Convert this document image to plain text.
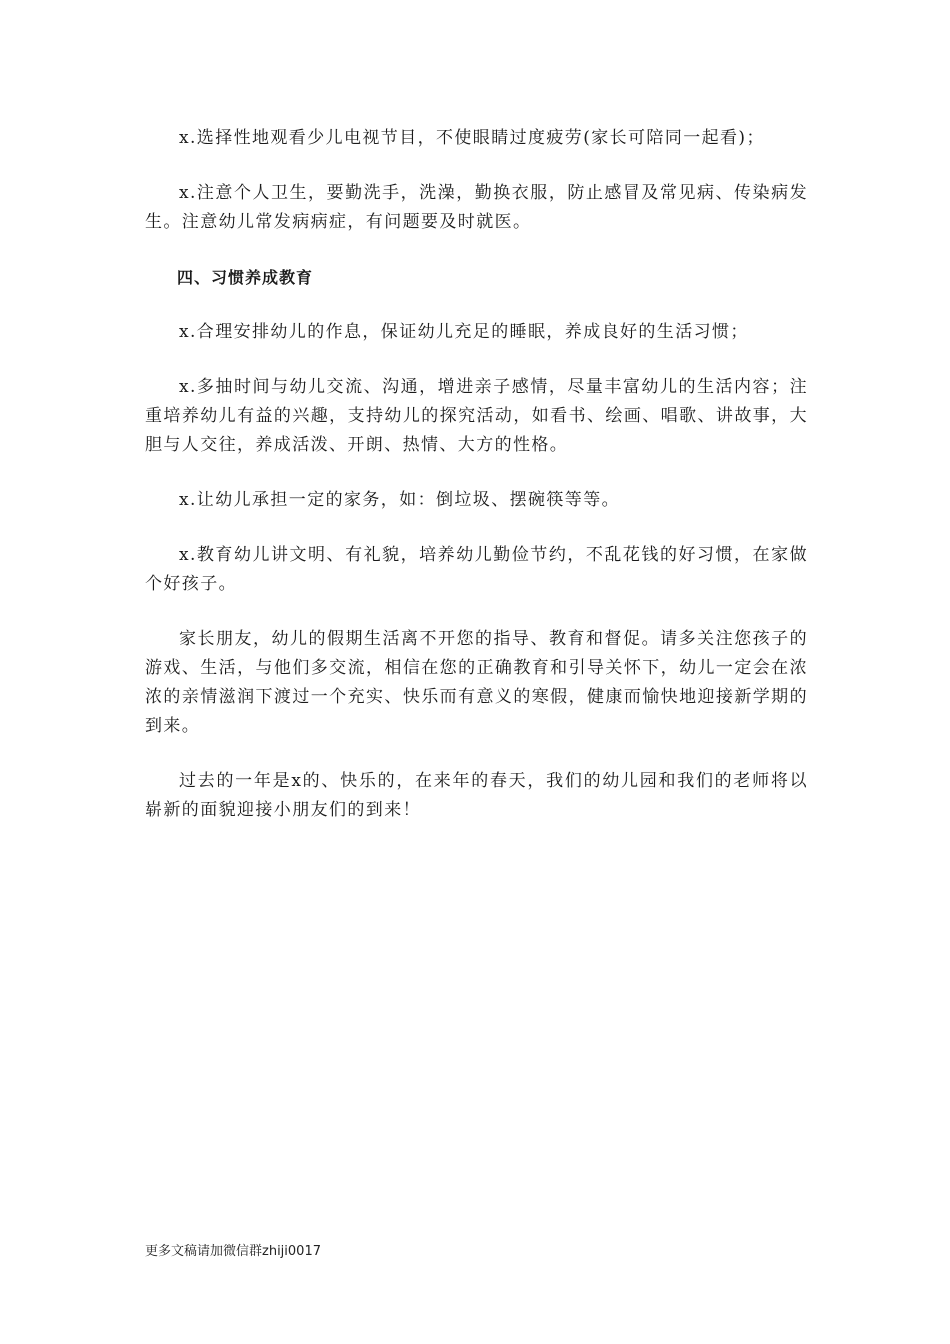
x.选择性地观看少儿电视节目，不使眼睛过度疲劳(家长可陪同一起看)；

x.注意个人卫生，要勤洗手，洗澡，勤换衣服，防止感冒及常见病、传染病发生。注意幼儿常发病病症，有问题要及时就医。

四、习惯养成教育

x.合理安排幼儿的作息，保证幼儿充足的睡眠，养成良好的生活习惯；

x.多抽时间与幼儿交流、沟通，增进亲子感情，尽量丰富幼儿的生活内容；注重培养幼儿有益的兴趣，支持幼儿的探究活动，如看书、绘画、唱歌、讲故事，大胆与人交往，养成活泼、开朗、热情、大方的性格。

x.让幼儿承担一定的家务，如：倒垃圾、摆碗筷等等。

x.教育幼儿讲文明、有礼貌，培养幼儿勤俭节约，不乱花钱的好习惯，在家做个好孩子。

家长朋友，幼儿的假期生活离不开您的指导、教育和督促。请多关注您孩子的游戏、生活，与他们多交流，相信在您的正确教育和引导关怀下，幼儿一定会在浓浓的亲情滋润下渡过一个充实、快乐而有意义的寒假，健康而愉快地迎接新学期的到来。

过去的一年是x的、快乐的，在来年的春天，我们的幼儿园和我们的老师将以崭新的面貌迎接小朋友们的到来！

更多文稿请加微信群zhiji0017
